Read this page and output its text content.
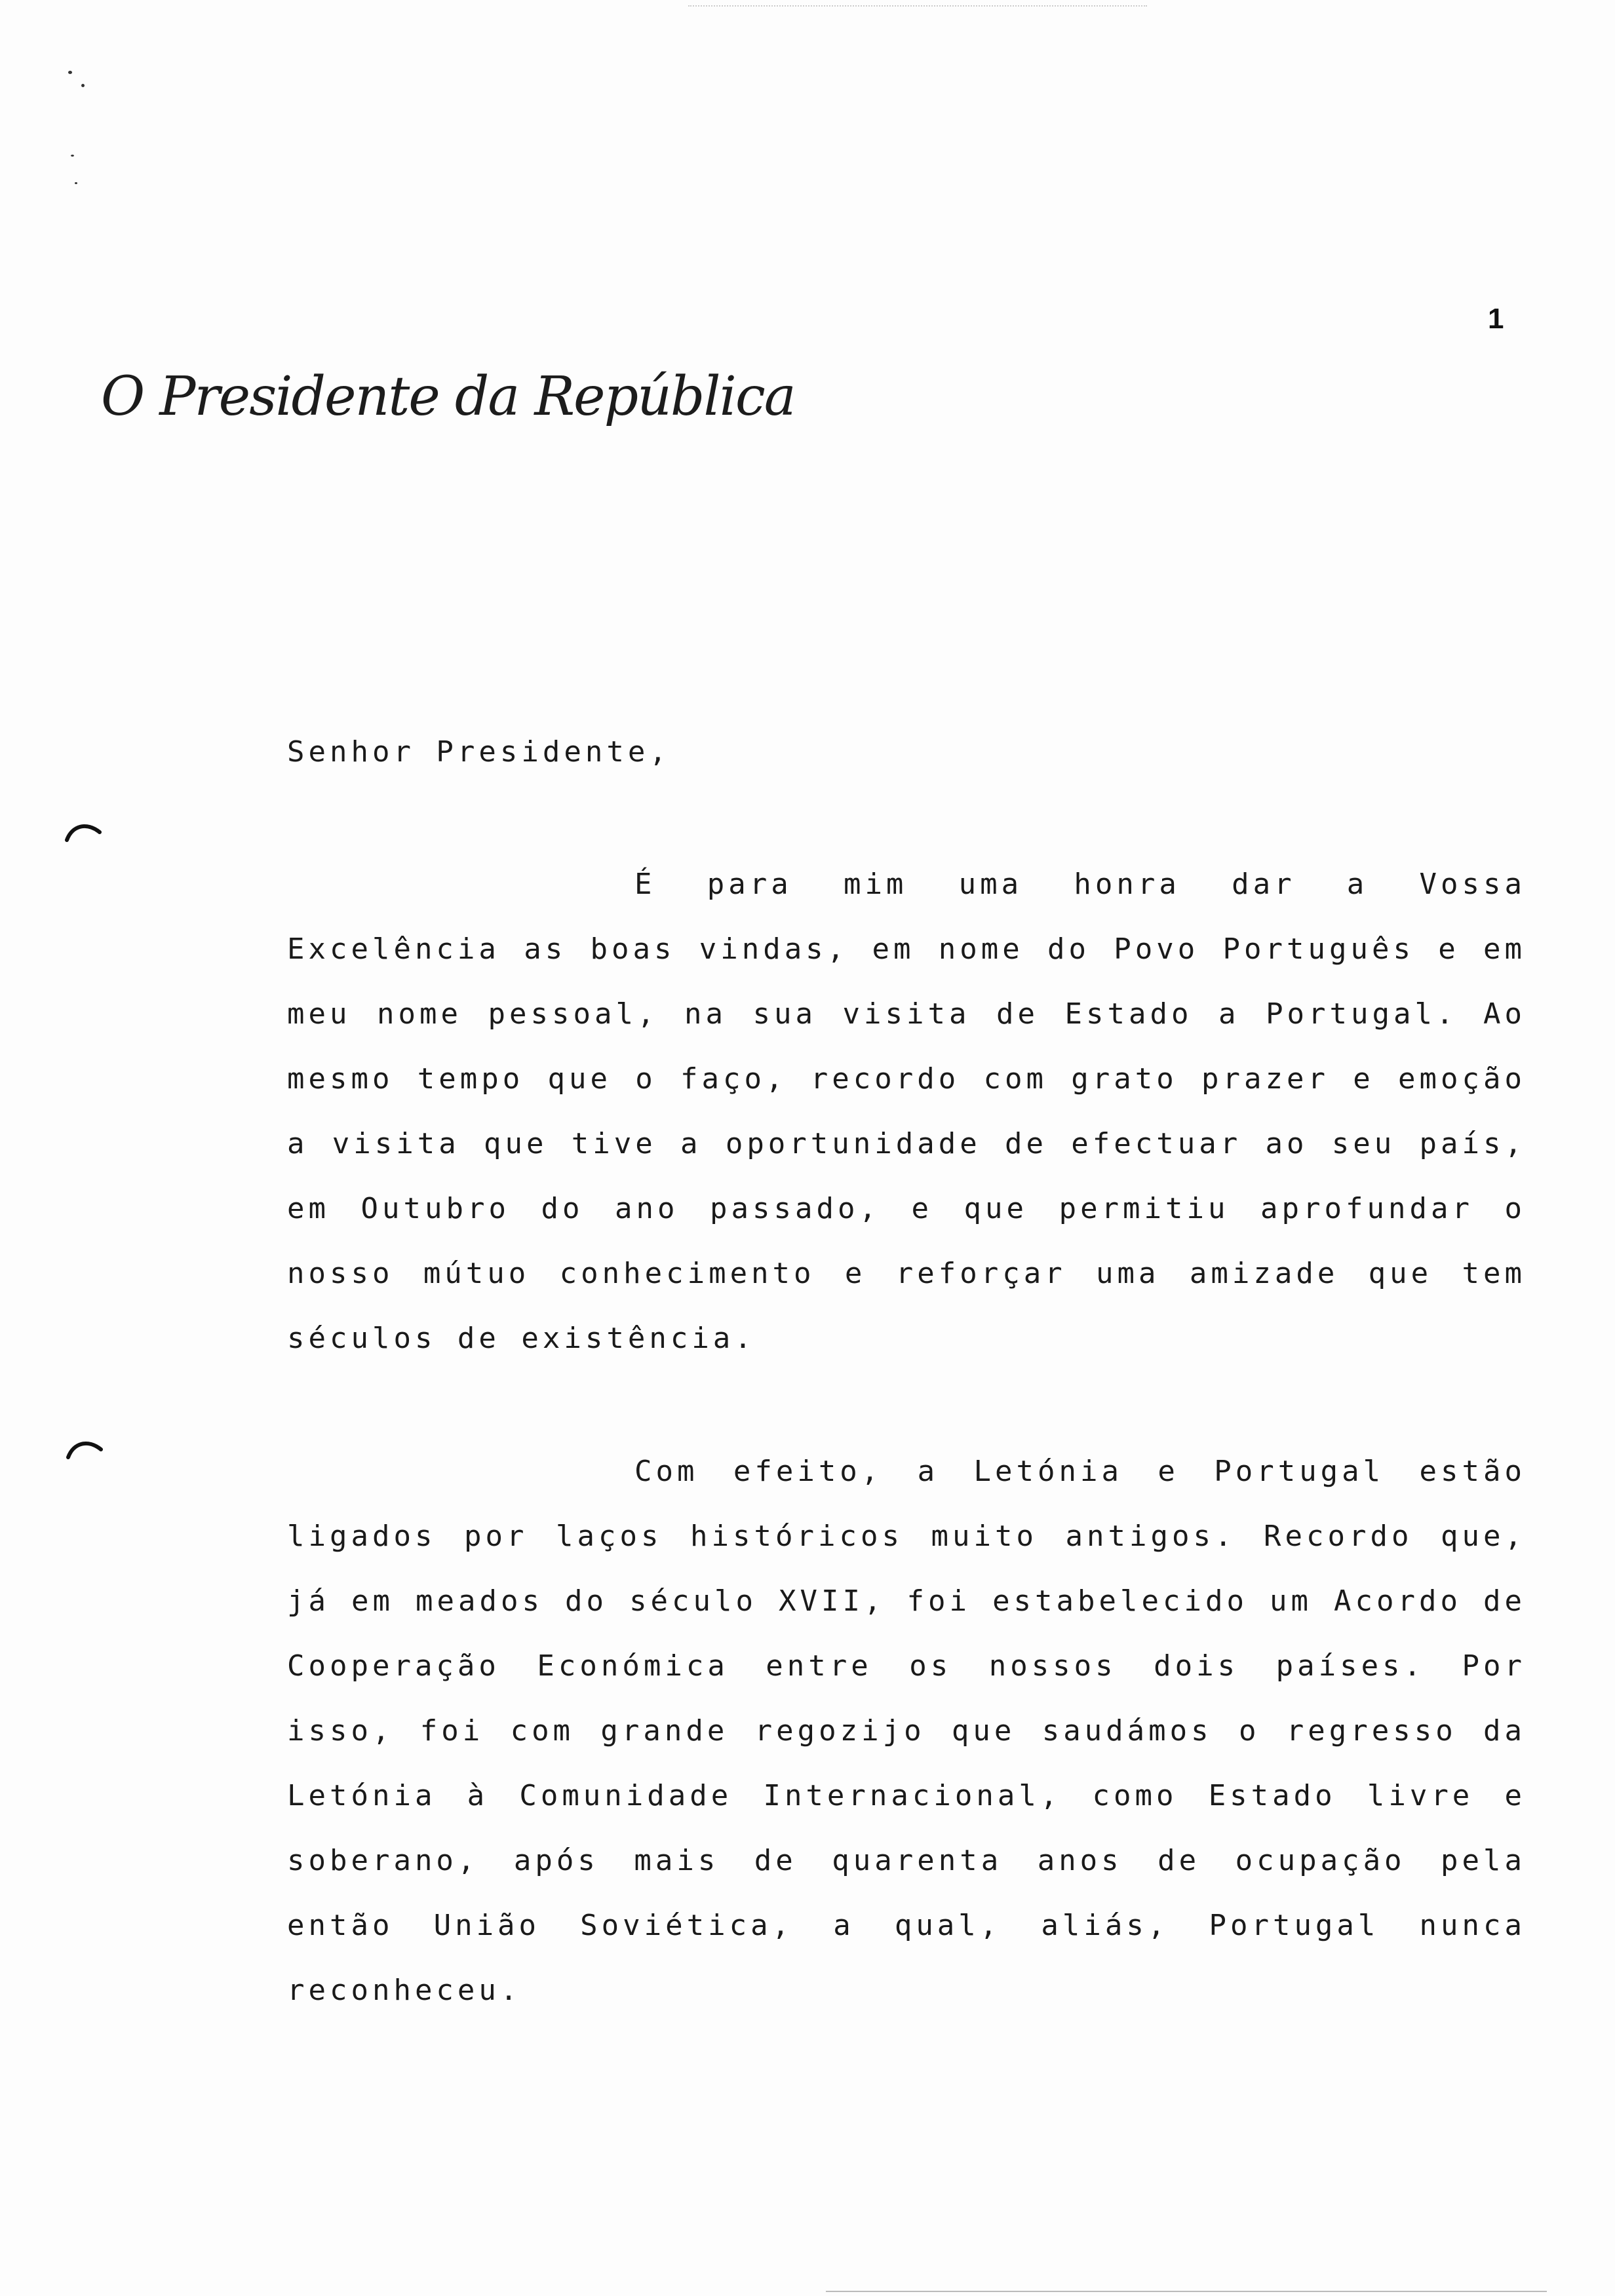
1
O Presidente da República
Senhor Presidente,
É para mim uma honra dar a Vossa Excelência as boas vindas, em nome do Povo Português e em meu nome pessoal, na sua visita de Estado a Portugal. Ao mesmo tempo que o faço, recordo com grato prazer e emoção a visita que tive a oportunidade de efectuar ao seu país, em Outubro do ano passado, e que permitiu aprofundar o nosso mútuo conhecimento e reforçar uma amizade que tem séculos de existência.
Com efeito, a Letónia e Portugal estão ligados por laços históricos muito antigos. Recordo que, já em meados do século XVII, foi estabelecido um Acordo de Cooperação Económica entre os nossos dois países. Por isso, foi com grande regozijo que saudámos o regresso da Letónia à Comunidade Internacional, como Estado livre e soberano, após mais de quarenta anos de ocupação pela então União Soviética, a qual, aliás, Portugal nunca reconheceu.
